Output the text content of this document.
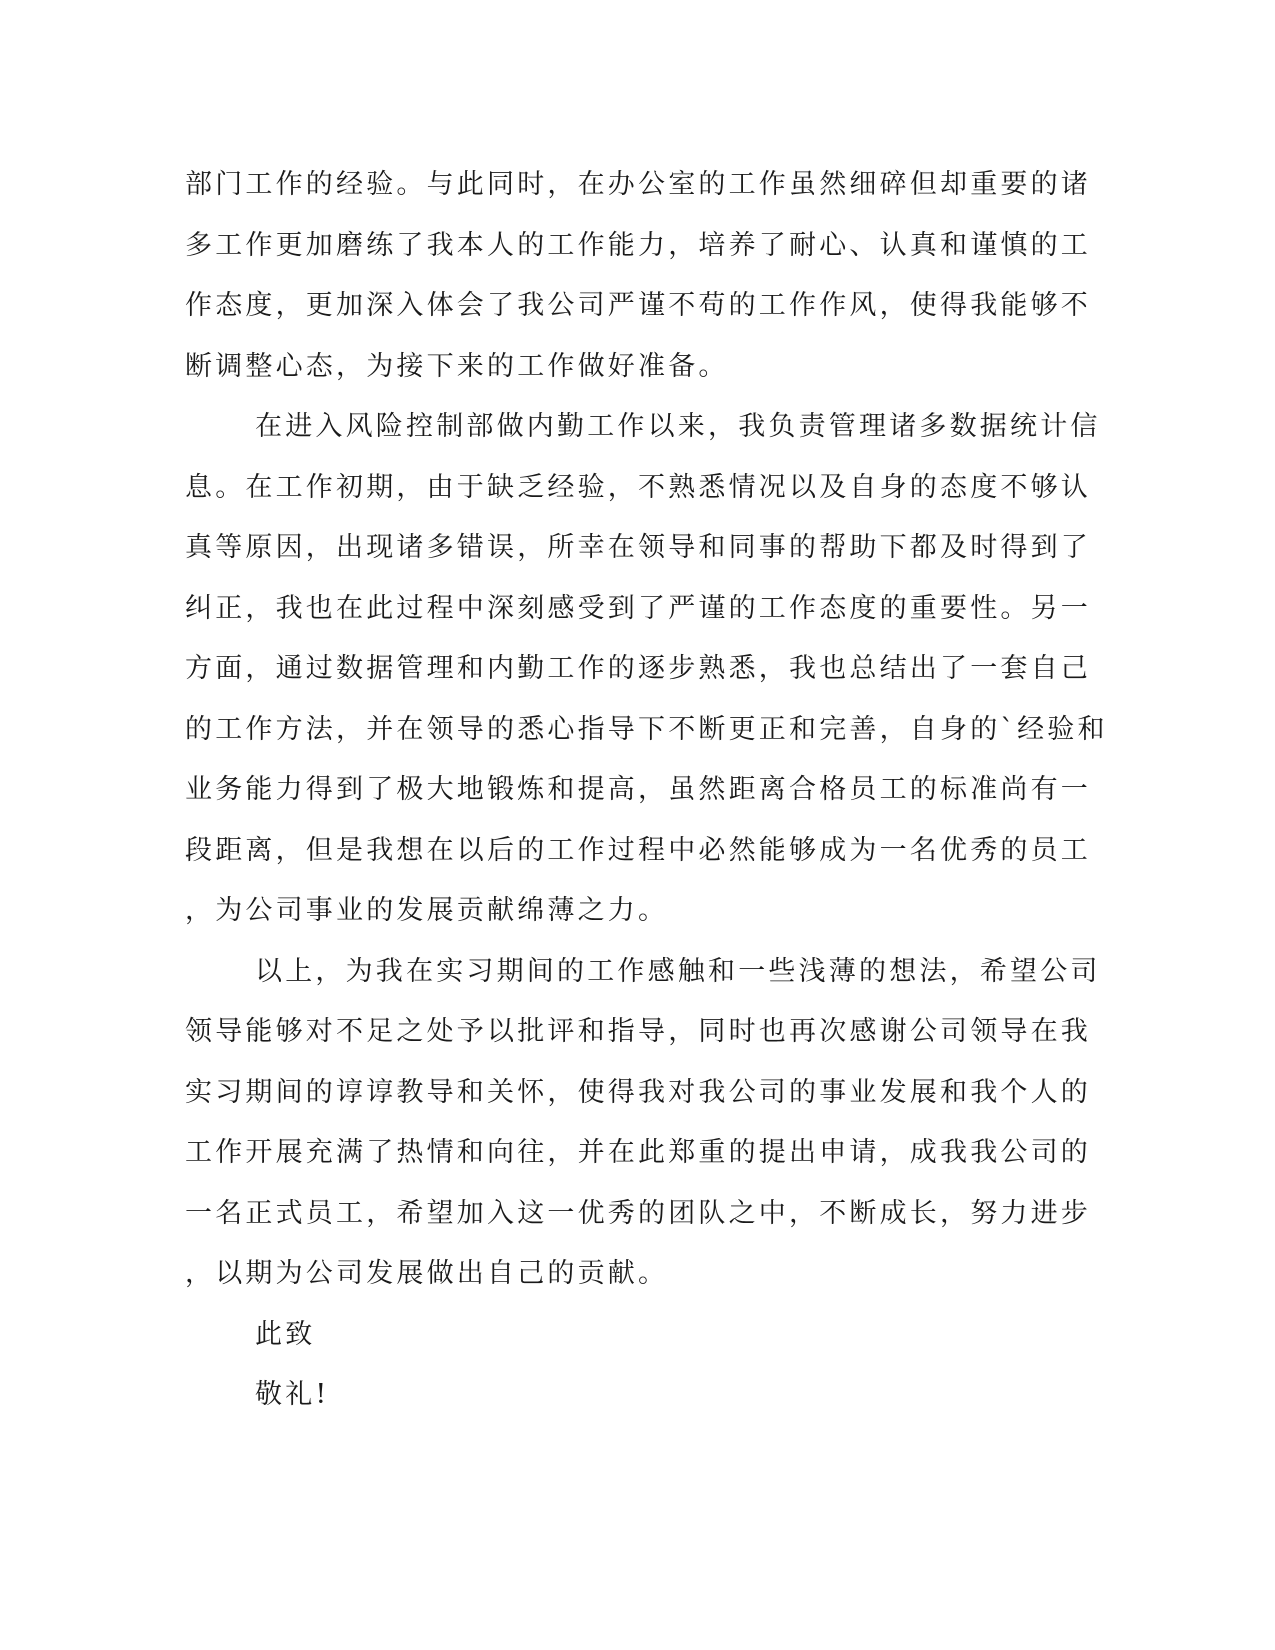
部门工作的经验。与此同时，在办公室的工作虽然细碎但却重要的诸
多工作更加磨练了我本人的工作能力，培养了耐心、认真和谨慎的工
作态度，更加深入体会了我公司严谨不苟的工作作风，使得我能够不
断调整心态，为接下来的工作做好准备。
在进入风险控制部做内勤工作以来，我负责管理诸多数据统计信
息。在工作初期，由于缺乏经验，不熟悉情况以及自身的态度不够认
真等原因，出现诸多错误，所幸在领导和同事的帮助下都及时得到了
纠正，我也在此过程中深刻感受到了严谨的工作态度的重要性。另一
方面，通过数据管理和内勤工作的逐步熟悉，我也总结出了一套自己
的工作方法，并在领导的悉心指导下不断更正和完善，自身的`经验和
业务能力得到了极大地锻炼和提高，虽然距离合格员工的标准尚有一
段距离，但是我想在以后的工作过程中必然能够成为一名优秀的员工
，为公司事业的发展贡献绵薄之力。
以上，为我在实习期间的工作感触和一些浅薄的想法，希望公司
领导能够对不足之处予以批评和指导，同时也再次感谢公司领导在我
实习期间的谆谆教导和关怀，使得我对我公司的事业发展和我个人的
工作开展充满了热情和向往，并在此郑重的提出申请，成我我公司的
一名正式员工，希望加入这一优秀的团队之中，不断成长，努力进步
，以期为公司发展做出自己的贡献。
此致
敬礼!
